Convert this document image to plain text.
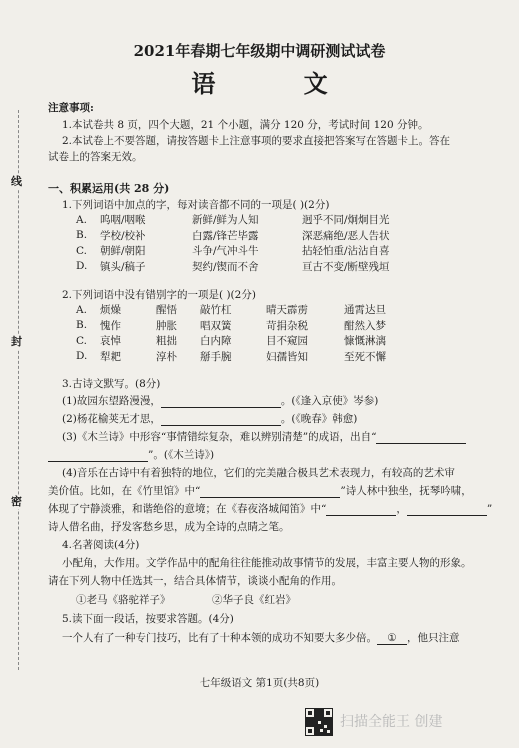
线
封
密
2021年春期七年级期中调研测试试卷
语 文
注意事项:
1.本试卷共 8 页，四个大题，21 个小题，满分 120 分，考试时间 120 分钟。
2.本试卷上不要答题，请按答题卡上注意事项的要求直接把答案写在答题卡上。答在
试卷上的答案无效。
一、积累运用(共 28 分)
1.下列词语中加点的字，每对读音都不同的一项是( )(2分)
A.	呜咽/咽喉	新鲜/鲜为人知	迥乎不同/炯炯目光
B.	学校/校补	白露/锋芒毕露	深恶痛绝/恶人告状
C.	朝鲜/朝阳	斗争/气冲斗牛	拈轻怕重/沾沾自喜
D.	镇头/稿子	契约/锲而不舍	亘古不变/断壁残垣
2.下列词语中没有错别字的一项是( )(2分)
A.	烦燥	醒悟	敲竹杠	晴天霹雳	通霄达旦
B.	愧作	肿胀	唱双簧	苛捐杂税	酣然入梦
C.	哀悼	粗拙	白内障	目不窥园	慷慨淋漓
D.	犁耙	淳朴	掰手腕	妇孺皆知	至死不懈
3.古诗文默写。(8分)
(1)故园东望路漫漫，	。(《逢入京使》岑参)
(2)杨花榆荚无才思，	。(《晚春》韩愈)
(3)《木兰诗》中形容“事情错综复杂，难以辨别清楚”的成语，出自“
”。(《木兰诗》)
(4)音乐在古诗中有着独特的地位，它们的完美融合极具艺术表现力，有较高的艺术审
美价值。比如，在《竹里馆》中“	”诗人林中独坐，抚琴吟啸，
体现了宁静淡雅，和谐绝俗的意境；在《春夜洛城闻笛》中“	，	”
诗人借名曲，抒发客愁乡思，成为全诗的点睛之笔。
4.名著阅读(4分)
小配角，大作用。文学作品中的配角往往能推动故事情节的发展，丰富主要人物的形象。
请在下列人物中任选其一，结合具体情节，谈谈小配角的作用。
①老马《骆驼祥子》	②华子良《红岩》
5.读下面一段话，按要求答题。(4分)
一个人有了一种专门技巧，比有了十种本领的成功不知要大多少倍。 ① ，他只注意
七年级语文 第1页(共8页)
扫描全能王 创建
